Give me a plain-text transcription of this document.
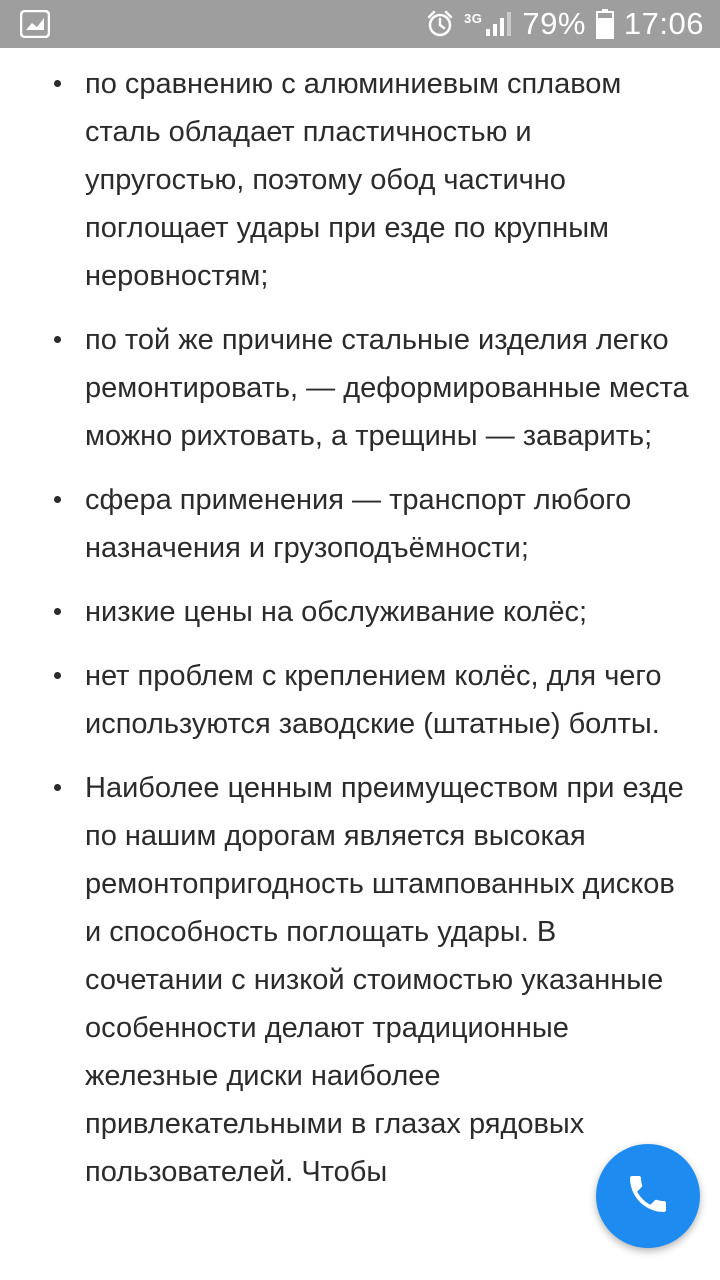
3G 79% 17:06
по сравнению с алюминиевым сплавом сталь обладает пластичностью и упругостью, поэтому обод частично поглощает удары при езде по крупным неровностям;
по той же причине стальные изделия легко ремонтировать, — деформированные места можно рихтовать, а трещины — заварить;
сфера применения — транспорт любого назначения и грузоподъёмности;
низкие цены на обслуживание колёс;
нет проблем с креплением колёс, для чего используются заводские (штатные) болты.
Наиболее ценным преимуществом при езде по нашим дорогам является высокая ремонтопригодность штампованных дисков и способность поглощать удары. В сочетании с низкой стоимостью указанные особенности делают традиционные железные диски наиболее привлекательными в глазах рядовых пользователей. Чтобы
